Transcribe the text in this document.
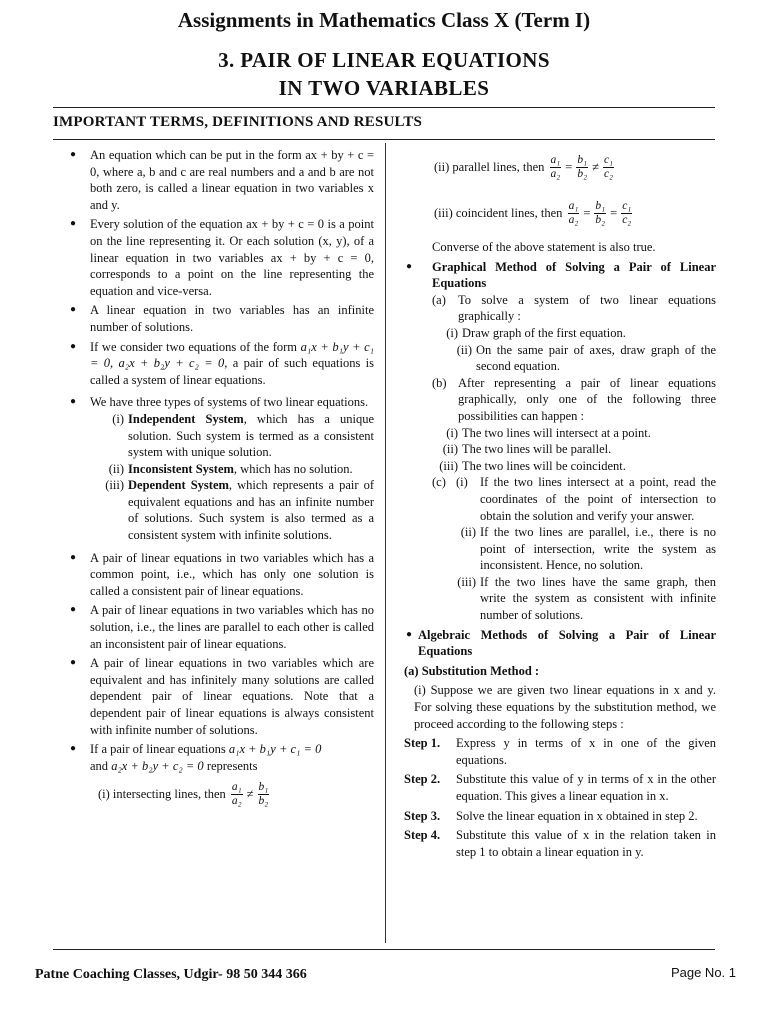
Assignments in Mathematics Class X (Term I)
3. PAIR OF LINEAR EQUATIONS
IN TWO VARIABLES
IMPORTANT TERMS, DEFINITIONS AND RESULTS
● An equation which can be put in the form ax + by + c = 0, where a, b and c are real numbers and a and b are not both zero, is called a linear equation in two variables x and y.
● Every solution of the equation ax + by + c = 0 is a point on the line representing it. Or each solution (x, y), of a linear equation in two variables ax + by + c = 0, corresponds to a point on the line representing the equation and vice-versa.
● A linear equation in two variables has an infinite number of solutions.
● If we consider two equations of the form a₁x + b₁y + c₁ = 0, a₂x + b₂y + c₂ = 0, a pair of such equations is called a system of linear equations.
● We have three types of systems of two linear equations.
(i) Independent System, which has a unique solution. Such system is termed as a consistent system with unique solution.
(ii) Inconsistent System, which has no solution.
(iii) Dependent System, which represents a pair of equivalent equations and has an infinite number of solutions. Such system is also termed as a consistent system with infinite solutions.
● A pair of linear equations in two variables which has a common point, i.e., which has only one solution is called a consistent pair of linear equations.
● A pair of linear equations in two variables which has no solution, i.e., the lines are parallel to each other is called an inconsistent pair of linear equations.
● A pair of linear equations in two variables which are equivalent and has infinitely many solutions are called dependent pair of linear equations. Note that a dependent pair of linear equations is always consistent with infinite number of solutions.
● If a pair of linear equations a₁x + b₁y + c₁ = 0
and a₂x + b₂y + c₂ = 0 represents
(i) intersecting lines, then
$\frac{\text{a₁}}{\text{a₂}} \ne \frac{\text{b₁}}{\text{b₂}}$
(ii) parallel lines, then
$\frac{\text{a₁}}{\text{a₂}} = \frac{\text{b₁}}{\text{b₂}} \ne \frac{\text{c₁}}{\text{c₂}}$
(iii) coincident lines, then
$\frac{\text{a₁}}{\text{a₂}} = \frac{\text{b₁}}{\text{b₂}} = \frac{\text{c₁}}{\text{c₂}}$
Converse of the above statement is also true.
● Graphical Method of Solving a Pair of Linear Equations
(a) To solve a system of two linear equations graphically :
(i) Draw graph of the first equation.
(ii) On the same pair of axes, draw graph of the second equation.
(b) After representing a pair of linear equations graphically, only one of the following three possibilities can happen :
(i) The two lines will intersect at a point.
(ii) The two lines will be parallel.
(iii) The two lines will be coincident.
(c) (i) If the two lines intersect at a point, read the coordinates of the point of intersection to obtain the solution and verify your answer.
(ii) If the two lines are parallel, i.e., there is no point of intersection, write the system as inconsistent. Hence, no solution.
(iii) If the two lines have the same graph, then write the system as consistent with infinite number of solutions.
● Algebraic Methods of Solving a Pair of Linear Equations
(a) Substitution Method :
(i) Suppose we are given two linear equations in x and y. For solving these equations by the substitution method, we proceed according to the following steps :
Step 1. Express y in terms of x in one of the given equations.
Step 2. Substitute this value of y in terms of x in the other equation. This gives a linear equation in x.
Step 3. Solve the linear equation in x obtained in step 2.
Step 4. Substitute this value of x in the relation taken in step 1 to obtain a linear equation in y.
Patne Coaching Classes, Udgir- 98 50 344 366	Page No. 1
